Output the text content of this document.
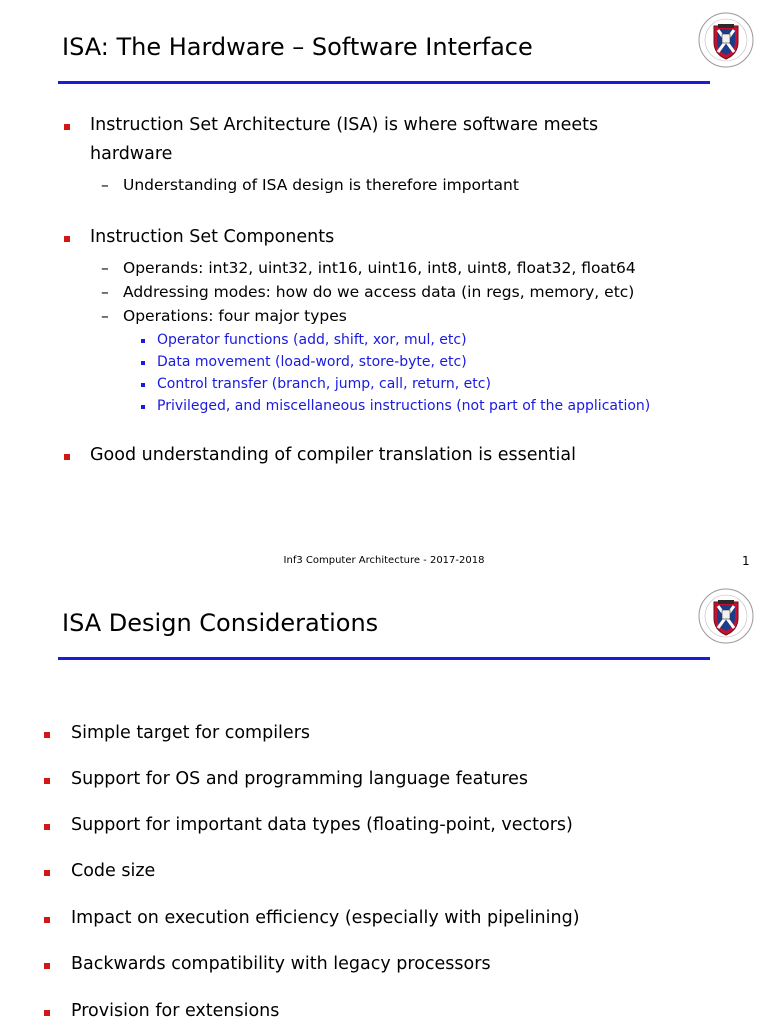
ISA: The Hardware – Software Interface
Instruction Set Architecture (ISA) is where software meets
hardware
– Understanding of ISA design is therefore important
Instruction Set Components
– Operands: int32, uint32, int16, uint16, int8, uint8, float32, float64
– Addressing modes: how do we access data (in regs, memory, etc)
– Operations: four major types
Operator functions (add, shift, xor, mul, etc)
Data movement (load-word, store-byte, etc)
Control transfer (branch, jump, call, return, etc)
Privileged, and miscellaneous instructions (not part of the application)
Good understanding of compiler translation is essential
Inf3 Computer Architecture - 2017-2018	1
ISA Design Considerations
Simple target for compilers
Support for OS and programming language features
Support for important data types (floating-point, vectors)
Code size
Impact on execution efficiency (especially with pipelining)
Backwards compatibility with legacy processors
Provision for extensions
